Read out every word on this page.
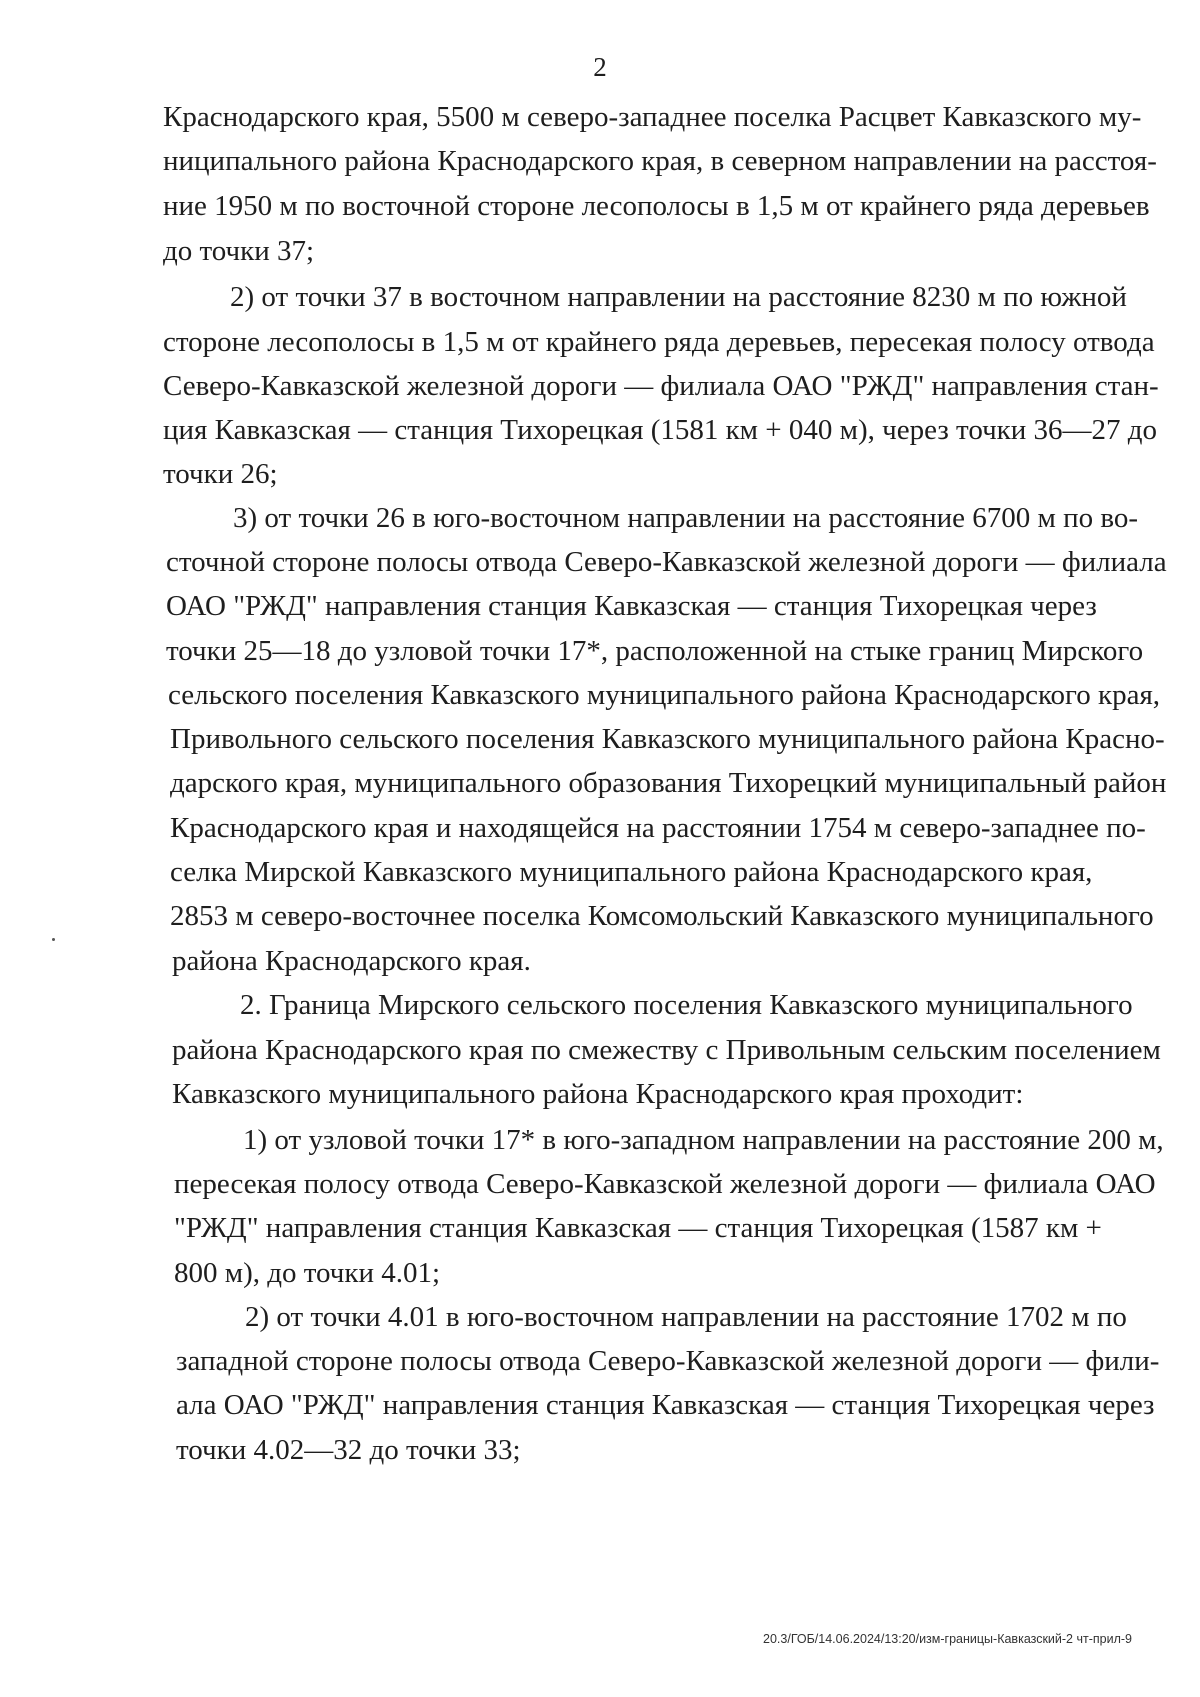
2
Краснодарского края, 5500 м северо-западнее поселка Расцвет Кавказского му-
ниципального района Краснодарского края, в северном направлении на расстоя-
ние 1950 м по восточной стороне лесополосы в 1,5 м от крайнего ряда деревьев
до точки 37;
2) от точки 37 в восточном направлении на расстояние 8230 м по южной
стороне лесополосы в 1,5 м от крайнего ряда деревьев, пересекая полосу отвода
Северо-Кавказской железной дороги — филиала ОАО "РЖД" направления стан-
ция Кавказская — станция Тихорецкая (1581 км + 040 м), через точки 36—27 до
точки 26;
3) от точки 26 в юго-восточном направлении на расстояние 6700 м по во-
сточной стороне полосы отвода Северо-Кавказской железной дороги — филиала
ОАО "РЖД" направления станция Кавказская — станция Тихорецкая через
точки 25—18 до узловой точки 17*, расположенной на стыке границ Мирского
сельского поселения Кавказского муниципального района Краснодарского края,
Привольного сельского поселения Кавказского муниципального района Красно-
дарского края, муниципального образования Тихорецкий муниципальный район
Краснодарского края и находящейся на расстоянии 1754 м северо-западнее по-
селка Мирской Кавказского муниципального района Краснодарского края,
2853 м северо-восточнее поселка Комсомольский Кавказского муниципального
района Краснодарского края.
2. Граница Мирского сельского поселения Кавказского муниципального
района Краснодарского края по смежеству с Привольным сельским поселением
Кавказского муниципального района Краснодарского края проходит:
1) от узловой точки 17* в юго-западном направлении на расстояние 200 м,
пересекая полосу отвода Северо-Кавказской железной дороги — филиала ОАО
"РЖД" направления станция Кавказская — станция Тихорецкая (1587 км +
800 м), до точки 4.01;
2) от точки 4.01 в юго-восточном направлении на расстояние 1702 м по
западной стороне полосы отвода Северо-Кавказской железной дороги — фили-
ала ОАО "РЖД" направления станция Кавказская — станция Тихорецкая через
точки 4.02—32 до точки 33;
20.3/ГОБ/14.06.2024/13:20/изм-границы-Кавказский-2 чт-прил-9
